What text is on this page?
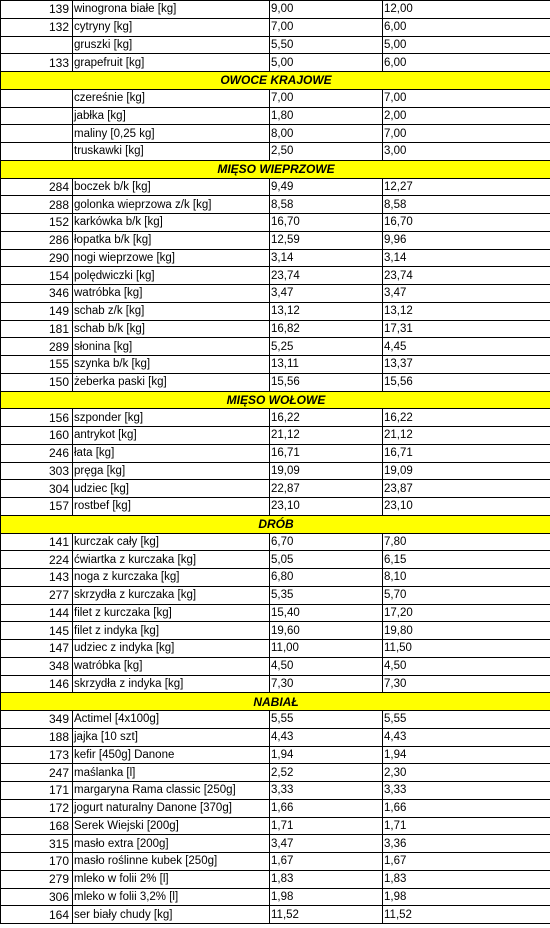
139	winogrona białe [kg]	9,00	12,00
132	cytryny [kg]	7,00	6,00
	gruszki [kg]	5,50	5,00
133	grapefruit [kg]	5,00	6,00
OWOCE KRAJOWE			
	czereśnie [kg]	7,00	7,00
	jabłka [kg]	1,80	2,00
	maliny [0,25 kg]	8,00	7,00
	truskawki [kg]	2,50	3,00
MIĘSO WIEPRZOWE			
284	boczek b/k [kg]	9,49	12,27
288	golonka wieprzowa z/k [kg]	8,58	8,58
152	karkówka b/k [kg]	16,70	16,70
286	łopatka b/k [kg]	12,59	9,96
290	nogi wieprzowe [kg]	3,14	3,14
154	polędwiczki [kg]	23,74	23,74
346	watróbka [kg]	3,47	3,47
149	schab z/k [kg]	13,12	13,12
181	schab b/k [kg]	16,82	17,31
289	słonina [kg]	5,25	4,45
155	szynka b/k [kg]	13,11	13,37
150	żeberka paski [kg]	15,56	15,56
MIĘSO WOŁOWE			
156	szponder [kg]	16,22	16,22
160	antrykot [kg]	21,12	21,12
246	łata [kg]	16,71	16,71
303	pręga [kg]	19,09	19,09
304	udziec [kg]	22,87	23,87
157	rostbef [kg]	23,10	23,10
DRÓB			
141	kurczak cały [kg]	6,70	7,80
224	ćwiartka z kurczaka [kg]	5,05	6,15
143	noga z kurczaka [kg]	6,80	8,10
277	skrzydła z kurczaka [kg]	5,35	5,70
144	filet z kurczaka [kg]	15,40	17,20
145	filet z indyka [kg]	19,60	19,80
147	udziec z indyka [kg]	11,00	11,50
348	watróbka [kg]	4,50	4,50
146	skrzydła z indyka [kg]	7,30	7,30
NABIAŁ			
349	Actimel [4x100g]	5,55	5,55
188	jajka [10 szt]	4,43	4,43
173	kefir [450g] Danone	1,94	1,94
247	maślanka [l]	2,52	2,30
171	margaryna Rama classic [250g]	3,33	3,33
172	jogurt naturalny Danone [370g]	1,66	1,66
168	Serek Wiejski [200g]	1,71	1,71
315	masło extra [200g]	3,47	3,36
170	masło roślinne kubek [250g]	1,67	1,67
279	mleko w folii 2% [l]	1,83	1,83
306	mleko w folii 3,2% [l]	1,98	1,98
164	ser biały chudy [kg]	11,52	11,52
